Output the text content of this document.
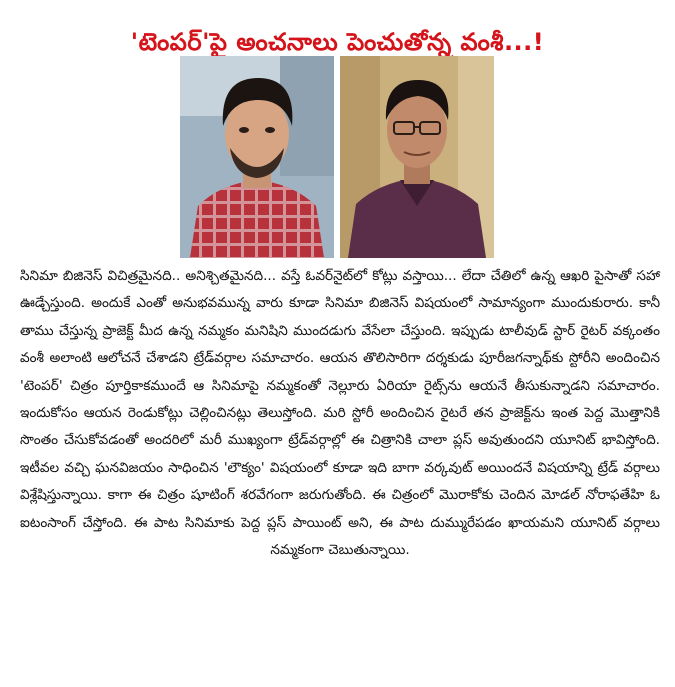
'టెంపర్'పై అంచనాలు పెంచుతోన్న వంశీ...!

సినిమా బిజినెస్ విచిత్రమైనది.. అనిశ్చితమైనది... వస్తే ఓవర్‌నైట్‌లో కోట్లు వస్తాయి... లేదా చేతిలో ఉన్న ఆఖరి పైసాతో సహా ఊడ్చేస్తుంది. అందుకే ఎంతో అనుభవమున్న వారు కూడా సినిమా బిజినెస్ విషయంలో సామాన్యంగా ముందుకురారు. కానీ తాము చేస్తున్న ప్రాజెక్ట్ మీద ఉన్న నమ్మకం మనిషిని ముందడుగు వేసేలా చేస్తుంది. ఇప్పుడు టాలీవుడ్ స్టార్ రైటర్ వక్కంతం వంశీ అలాంటి ఆలోచనే చేశాడని ట్రేడ్‌వర్గాల సమాచారం. ఆయన తొలిసారిగా దర్శకుడు పూరీజగన్నాథ్‌కు స్టోరీని అందించిన 'టెంపర్' చిత్రం పూర్తికాకముందే ఆ సినిమాపై నమ్మకంతో నెల్లూరు ఏరియా రైట్స్‌ను ఆయనే తీసుకున్నాడని సమాచారం. ఇందుకోసం ఆయన రెండుకోట్లు చెల్లించినట్లు తెలుస్తోంది. మరి స్టోరీ అందించిన రైటరే తన ప్రాజెక్ట్‌ను ఇంత పెద్ద మొత్తానికి సొంతం చేసుకోవడంతో అందరిలో మరీ ముఖ్యంగా ట్రేడ్‌వర్గాల్లో ఈ చిత్రానికి చాలా ప్లస్ అవుతుందని యూనిట్ భావిస్తోంది. ఇటీవల వచ్చి ఘనవిజయం సాధించిన 'లౌక్యం' విషయంలో కూడా ఇది బాగా వర్కవుట్ అయిందనే విషయాన్ని ట్రేడ్ వర్గాలు విశ్లేషిస్తున్నాయి. కాగా ఈ చిత్రం షూటింగ్ శరవేగంగా జరుగుతోంది. ఈ చిత్రంలో మొరాకోకు చెందిన మోడల్ నోరాఫతేహి ఓ ఐటంసాంగ్ చేస్తోంది. ఈ పాట సినిమాకు పెద్ద ప్లస్ పాయింట్ అని, ఈ పాట దుమ్మురేపడం ఖాయమని యూనిట్ వర్గాలు నమ్మకంగా చెబుతున్నాయి.
